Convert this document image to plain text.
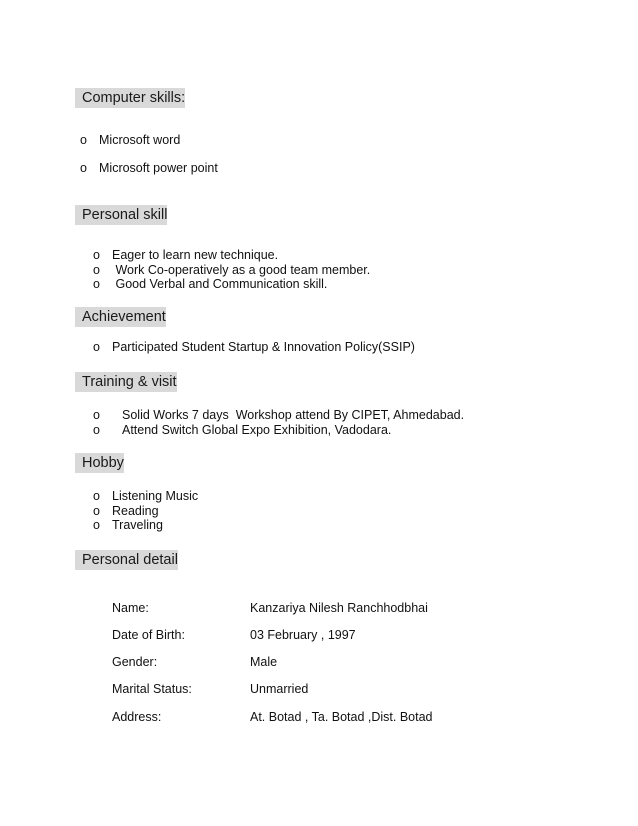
Computer skills:
o Microsoft word
o Microsoft power point
Personal skill
o Eager to learn new technique.
o Work Co-operatively as a good team member.
o Good Verbal and Communication skill.
Achievement
o Participated Student Startup & Innovation Policy(SSIP)
Training & visit
o Solid Works 7 days  Workshop attend By CIPET, Ahmedabad.
o Attend Switch Global Expo Exhibition, Vadodara.
Hobby
o Listening Music
o Reading
o Traveling
Personal detail
Name:	Kanzariya Nilesh Ranchhodbhai
Date of Birth:	03 February , 1997
Gender:	Male
Marital Status:	Unmarried
Address:	At. Botad , Ta. Botad ,Dist. Botad
